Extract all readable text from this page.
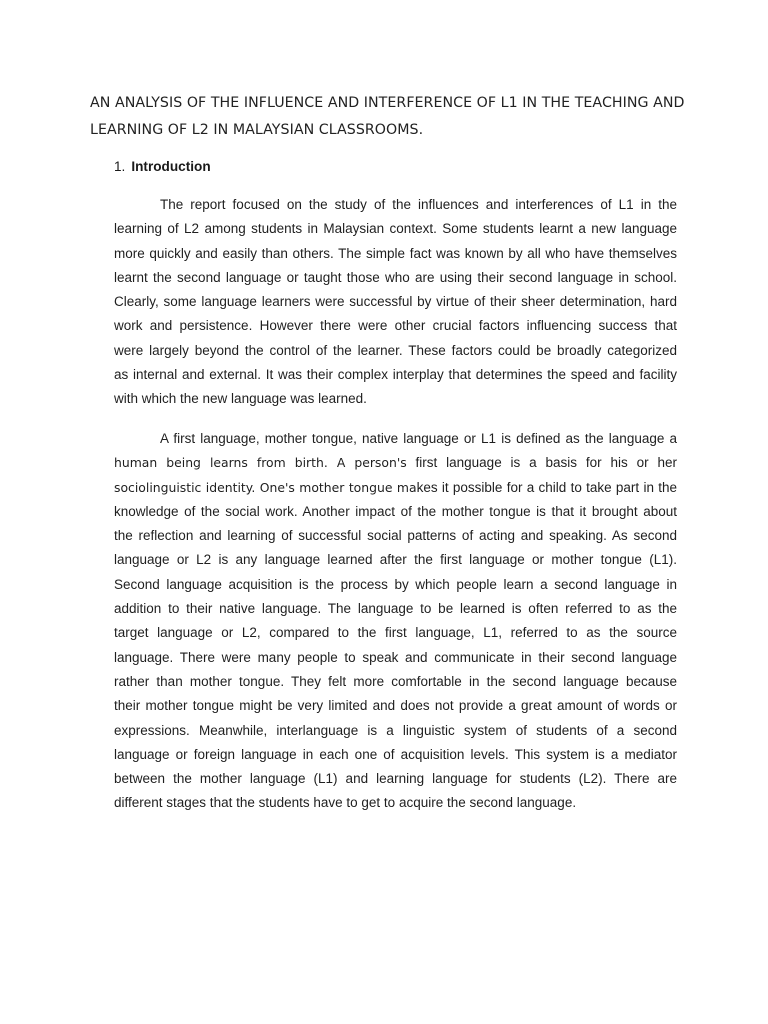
AN ANALYSIS OF THE INFLUENCE AND INTERFERENCE OF L1 IN THE TEACHING AND
LEARNING OF L2 IN MALAYSIAN CLASSROOMS.
1. Introduction

The report focused on the study of the influences and interferences of L1 in the
learning of L2 among students in Malaysian context. Some students learnt a new language
more quickly and easily than others. The simple fact was known by all who have themselves
learnt the second language or taught those who are using their second language in school.
Clearly, some language learners were successful by virtue of their sheer determination, hard
work and persistence. However there were other crucial factors influencing success that
were largely beyond the control of the learner. These factors could be broadly categorized
as internal and external. It was their complex interplay that determines the speed and facility
with which the new language was learned.

A first language, mother tongue, native language or L1 is defined as the language a
human being learns from birth. A person's first language is a basis for his or her
sociolinguistic identity. One's mother tongue makes it possible for a child to take part in the
knowledge of the social work. Another impact of the mother tongue is that it brought about
the reflection and learning of successful social patterns of acting and speaking. As second
language or L2 is any language learned after the first language or mother tongue (L1).
Second language acquisition is the process by which people learn a second language in
addition to their native language. The language to be learned is often referred to as the
target language or L2, compared to the first language, L1, referred to as the source
language. There were many people to speak and communicate in their second language
rather than mother tongue. They felt more comfortable in the second language because
their mother tongue might be very limited and does not provide a great amount of words or
expressions. Meanwhile, interlanguage is a linguistic system of students of a second
language or foreign language in each one of acquisition levels. This system is a mediator
between the mother language (L1) and learning language for students (L2). There are
different stages that the students have to get to acquire the second language.
